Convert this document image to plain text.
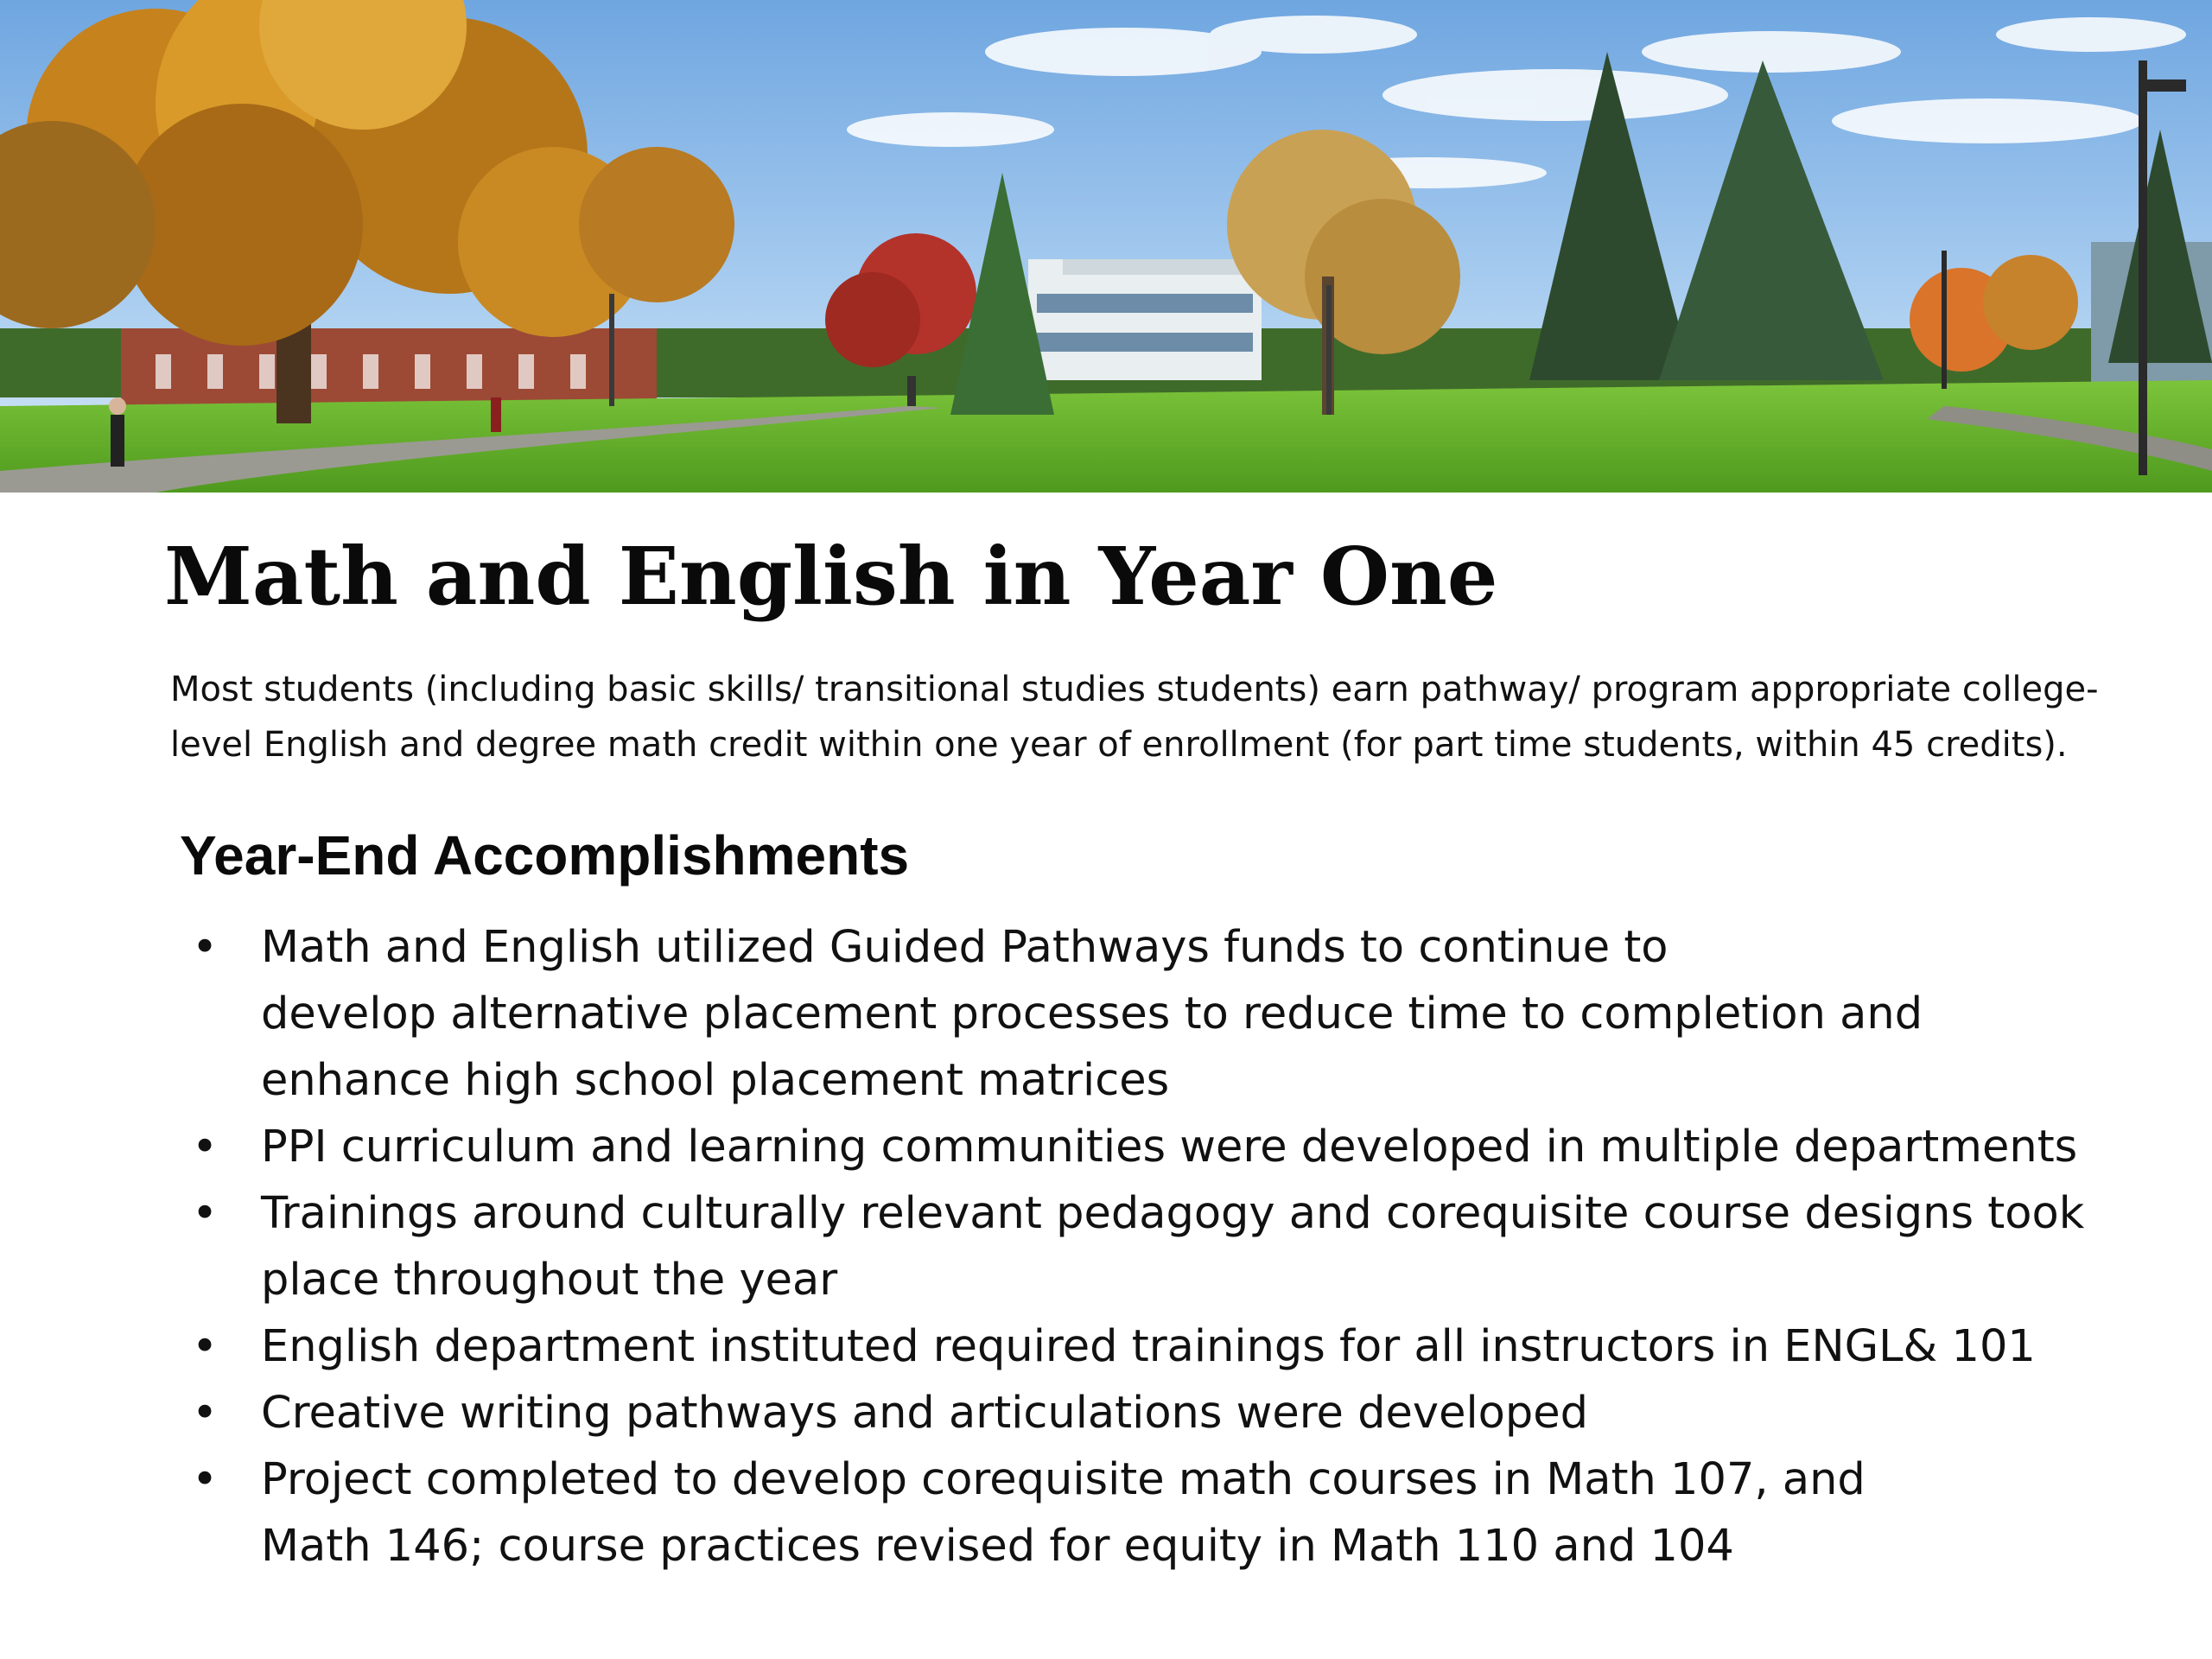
Math and English in Year One

Most students (including basic skills/ transitional studies students) earn pathway/ program appropriate college-
level English and degree math credit within one year of enrollment (for part time students, within 45 credits).

Year-End Accomplishments
• Math and English utilized Guided Pathways funds to continue to
develop alternative placement processes to reduce time to completion and
enhance high school placement matrices
• PPI curriculum and learning communities were developed in multiple departments
• Trainings around culturally relevant pedagogy and corequisite course designs took
place throughout the year
• English department instituted required trainings for all instructors in ENGL& 101
• Creative writing pathways and articulations were developed
• Project completed to develop corequisite math courses in Math 107, and
Math 146; course practices revised for equity in Math 110 and 104
